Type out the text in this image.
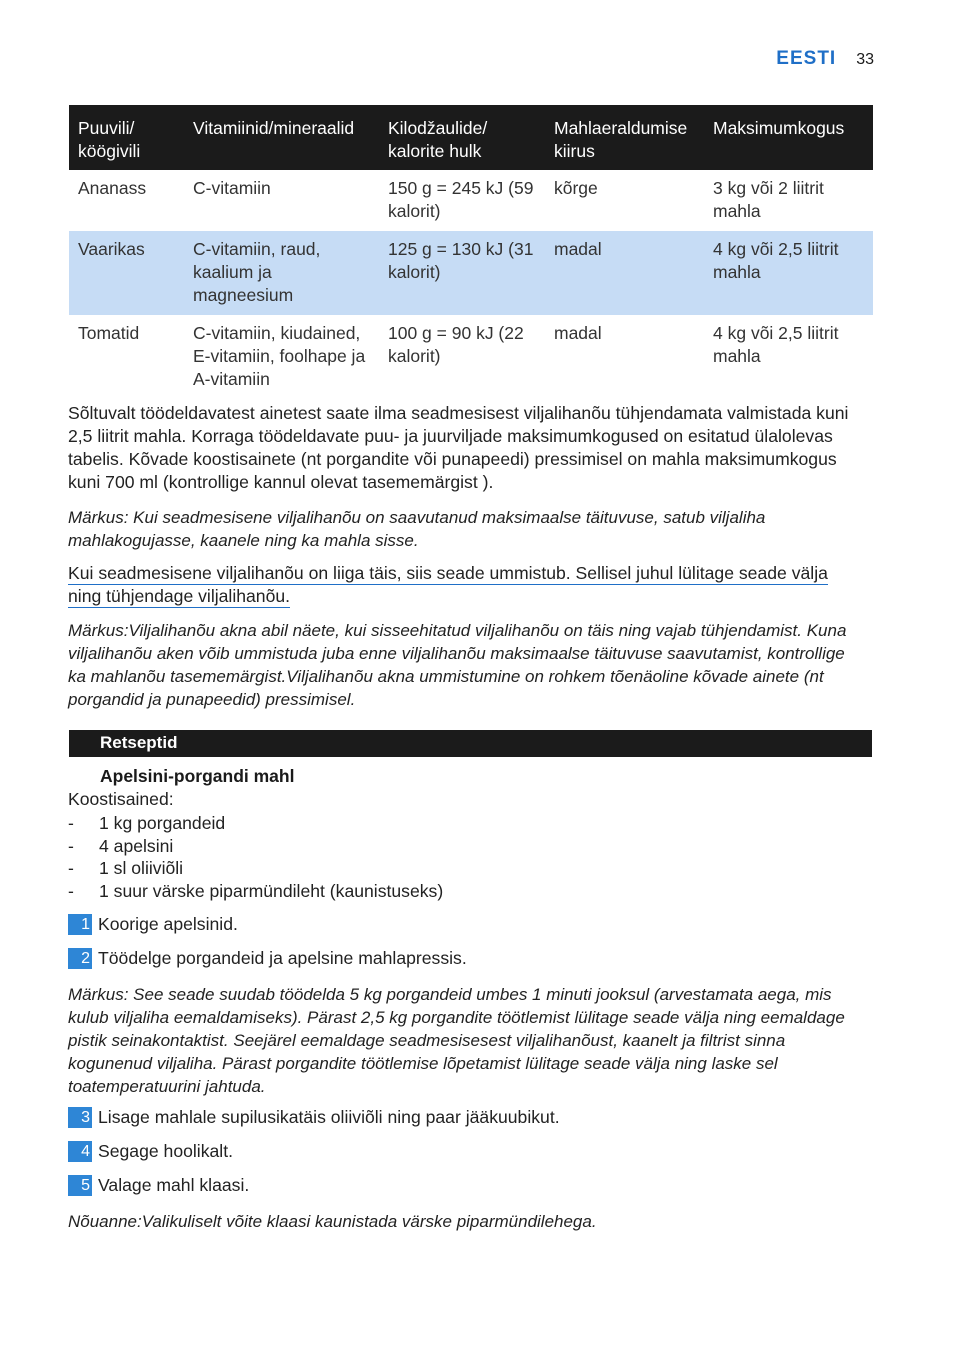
EESTI 33
Puuvili/ köögivili	Vitamiinid/mineraalid	Kilodžaulide/ kalorite hulk	Mahlaeraldumise kiirus	Maksimumkogus
Ananass	C-vitamiin	150 g = 245 kJ (59 kalorit)	kõrge	3 kg või 2 liitrit mahla
Vaarikas	C-vitamiin, raud, kaalium ja magneesium	125 g = 130 kJ (31 kalorit)	madal	4 kg või 2,5 liitrit mahla
Tomatid	C-vitamiin, kiudained, E-vitamiin, foolhape ja A-vitamiin	100 g = 90 kJ (22 kalorit)	madal	4 kg või 2,5 liitrit mahla
Sõltuvalt töödeldavatest ainetest saate ilma seadmesisest viljalihanõu tühjendamata valmistada kuni 2,5 liitrit mahla. Korraga töödeldavate puu- ja juurviljade maksimumkogused on esitatud ülalolevas tabelis. Kõvade koostisainete (nt porgandite või punapeedi) pressimisel on mahla maksimumkogus kuni 700 ml (kontrollige kannul olevat tasememärgist ).
Märkus: Kui seadmesisene viljalihanõu on saavutanud maksimaalse täituvuse, satub viljaliha mahlakogujasse, kaanele ning ka mahla sisse.
Kui seadmesisene viljalihanõu on liiga täis, siis seade ummistub. Sellisel juhul lülitage seade välja ning tühjendage viljalihanõu.
Märkus:Viljalihanõu akna abil näete, kui sisseehitatud viljalihanõu on täis ning vajab tühjendamist. Kuna viljalihanõu aken võib ummistuda juba enne viljalihanõu maksimaalse täituvuse saavutamist, kontrollige ka mahlanõu tasememärgist.Viljalihanõu akna ummistumine on rohkem tõenäoline kõvade ainete (nt porgandid ja punapeedid) pressimisel.
Retseptid
Apelsini-porgandi mahl
Koostisained:
-	1 kg porgandeid
-	4 apelsini
-	1 sl oliiviõli
-	1 suur värske piparmündileht (kaunistuseks)
1 Koorige apelsinid.
2 Töödelge porgandeid ja apelsine mahlapressis.
Märkus: See seade suudab töödelda 5 kg porgandeid umbes 1 minuti jooksul (arvestamata aega, mis kulub viljaliha eemaldamiseks). Pärast 2,5 kg porgandite töötlemist lülitage seade välja ning eemaldage pistik seinakontaktist. Seejärel eemaldage seadmesisesest viljalihanõust, kaanelt ja filtrist sinna kogunenud viljaliha. Pärast porgandite töötlemise lõpetamist lülitage seade välja ning laske sel toatemperatuurini jahtuda.
3 Lisage mahlale supilusikatäis oliiviõli ning paar jääkuubikut.
4 Segage hoolikalt.
5 Valage mahl klaasi.
Nõuanne:Valikuliselt võite klaasi kaunistada värske piparmündilehega.
